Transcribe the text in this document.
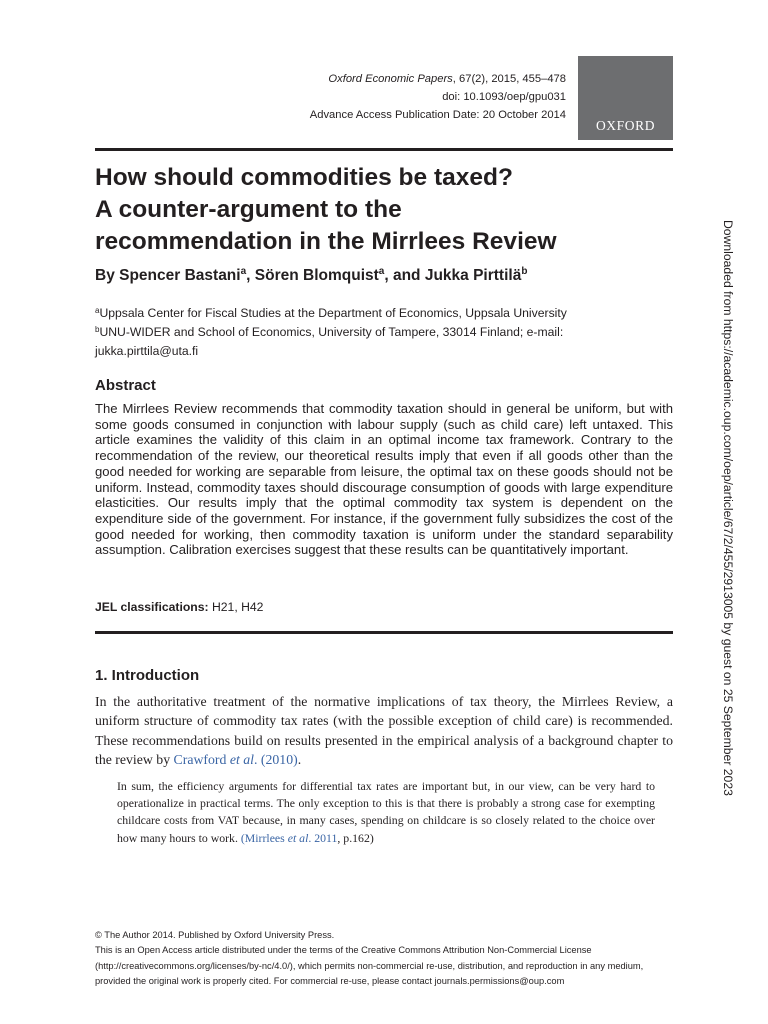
Oxford Economic Papers, 67(2), 2015, 455–478
doi: 10.1093/oep/gpu031
Advance Access Publication Date: 20 October 2014
OXFORD
How should commodities be taxed?
A counter-argument to the
recommendation in the Mirrlees Review
By Spencer Bastani$^a$, Sören Blomquist$^a$, and Jukka Pirttilä$^b$
$^a$Uppsala Center for Fiscal Studies at the Department of Economics, Uppsala University
$^b$UNU-WIDER and School of Economics, University of Tampere, 33014 Finland; e-mail:
jukka.pirttila@uta.fi
Abstract

The Mirrlees Review recommends that commodity taxation should in general be uniform, but with some goods consumed in conjunction with labour supply (such as child care) left untaxed. This article examines the validity of this claim in an optimal income tax framework. Contrary to the recommendation of the review, our theoretical results imply that even if all goods other than the good needed for working are separable from leisure, the optimal tax on these goods should not be uniform. Instead, commodity taxes should discourage consumption of goods with large expenditure elasticities. Our results imply that the optimal commodity tax system is dependent on the expenditure side of the government. For instance, if the government fully subsidizes the cost of the good needed for working, then commodity taxation is uniform under the standard separability assumption. Calibration exercises suggest that these results can be quantitatively important.

JEL classifications: H21, H42
1. Introduction

In the authoritative treatment of the normative implications of tax theory, the Mirrlees Review, a uniform structure of commodity tax rates (with the possible exception of child care) is recommended. These recommendations build on results presented in the empirical analysis of a background chapter to the review by Crawford et al. (2010).

In sum, the efficiency arguments for differential tax rates are important but, in our view, can be very hard to operationalize in practical terms. The only exception to this is that there is probably a strong case for exempting childcare costs from VAT because, in many cases, spending on childcare is so closely related to the choice over how many hours to work. (Mirrlees et al. 2011, p.162)

© The Author 2014. Published by Oxford University Press.
This is an Open Access article distributed under the terms of the Creative Commons Attribution Non-Commercial License (http://creativecommons.org/licenses/by-nc/4.0/), which permits non-commercial re-use, distribution, and reproduction in any medium, provided the original work is properly cited. For commercial re-use, please contact journals.permissions@oup.com
Downloaded from https://academic.oup.com/oep/article/67/2/455/2913005 by guest on 25 September 2023
